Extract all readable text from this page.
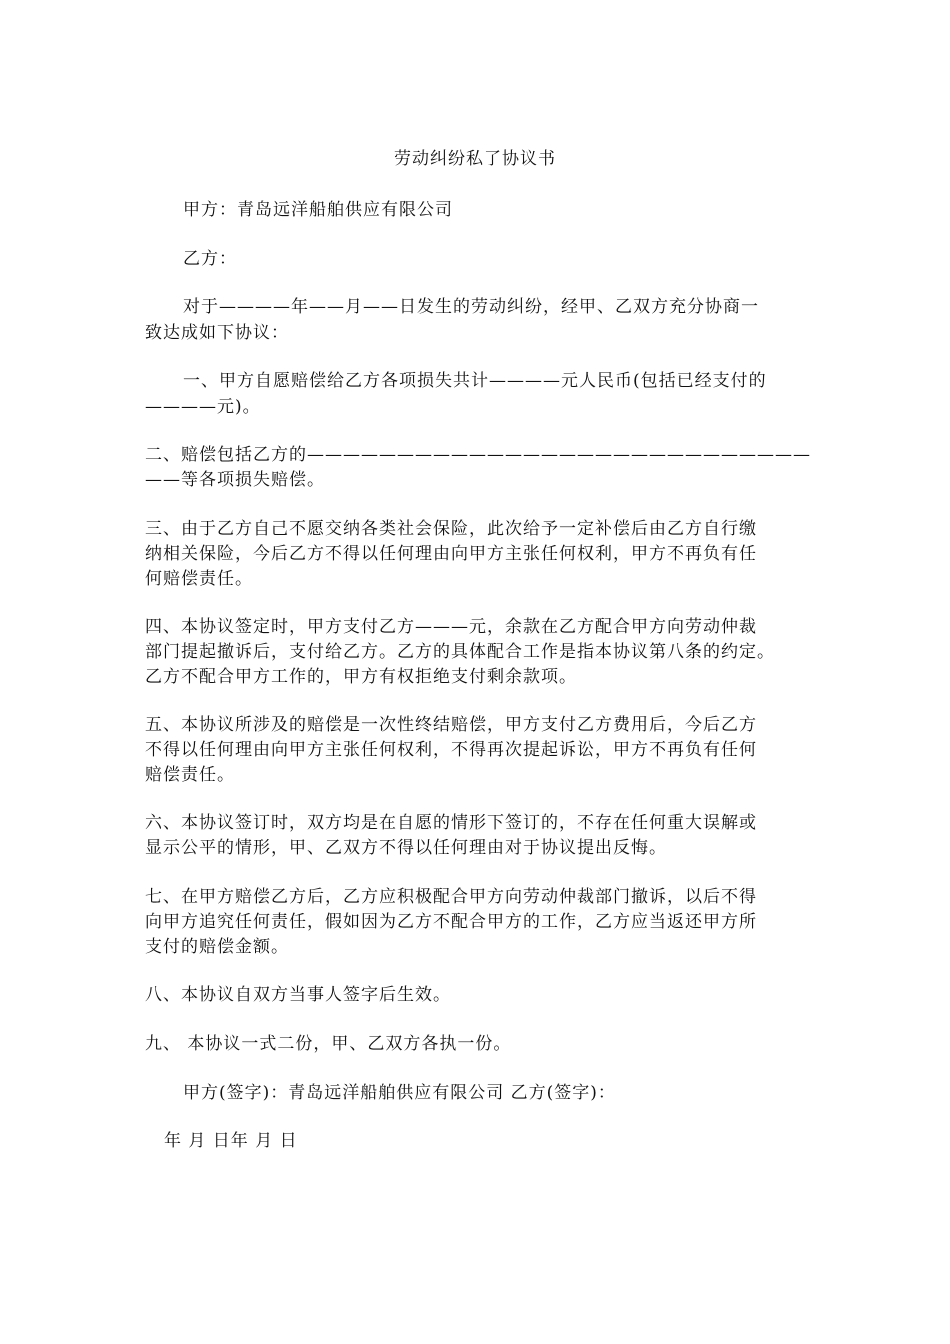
劳动纠纷私了协议书
甲方：青岛远洋船舶供应有限公司
乙方：
对于————年——月——日发生的劳动纠纷，经甲、乙双方充分协商一
致达成如下协议：
一、甲方自愿赔偿给乙方各项损失共计————元人民币(包括已经支付的
————元)。
二、赔偿包括乙方的————————————————————————————
——等各项损失赔偿。
三、由于乙方自己不愿交纳各类社会保险，此次给予一定补偿后由乙方自行缴
纳相关保险，今后乙方不得以任何理由向甲方主张任何权利，甲方不再负有任
何赔偿责任。
四、本协议签定时，甲方支付乙方———元，余款在乙方配合甲方向劳动仲裁
部门提起撤诉后，支付给乙方。乙方的具体配合工作是指本协议第八条的约定。
乙方不配合甲方工作的，甲方有权拒绝支付剩余款项。
五、本协议所涉及的赔偿是一次性终结赔偿，甲方支付乙方费用后，今后乙方
不得以任何理由向甲方主张任何权利，不得再次提起诉讼，甲方不再负有任何
赔偿责任。
六、本协议签订时，双方均是在自愿的情形下签订的，不存在任何重大误解或
显示公平的情形，甲、乙双方不得以任何理由对于协议提出反悔。
七、在甲方赔偿乙方后，乙方应积极配合甲方向劳动仲裁部门撤诉，以后不得
向甲方追究任何责任，假如因为乙方不配合甲方的工作，乙方应当返还甲方所
支付的赔偿金额。
八、本协议自双方当事人签字后生效。
九、 本协议一式二份，甲、乙双方各执一份。
甲方(签字)：青岛远洋船舶供应有限公司 乙方(签字)：
年 月 日年 月 日
